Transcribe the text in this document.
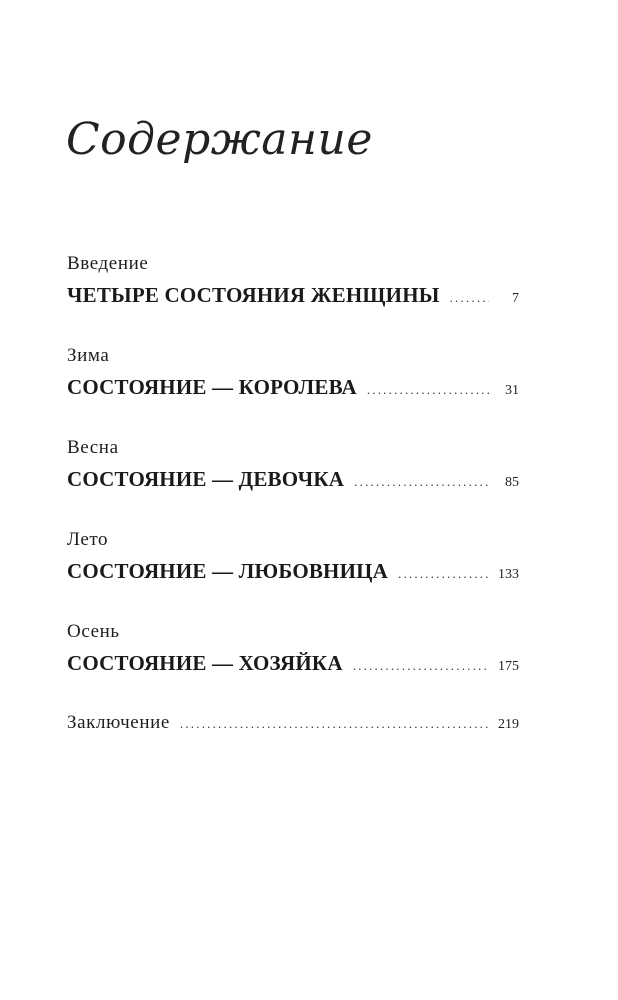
Содержание
Введение
ЧЕТЫРЕ СОСТОЯНИЯ ЖЕНЩИНЫ .....	7
Зима
СОСТОЯНИЕ — КОРОЛЕВА .....	31
Весна
СОСТОЯНИЕ — ДЕВОЧКА .....	85
Лето
СОСТОЯНИЕ — ЛЮБОВНИЦА .....	133
Осень
СОСТОЯНИЕ — ХОЗЯЙКА .....	175
Заключение .....	219
